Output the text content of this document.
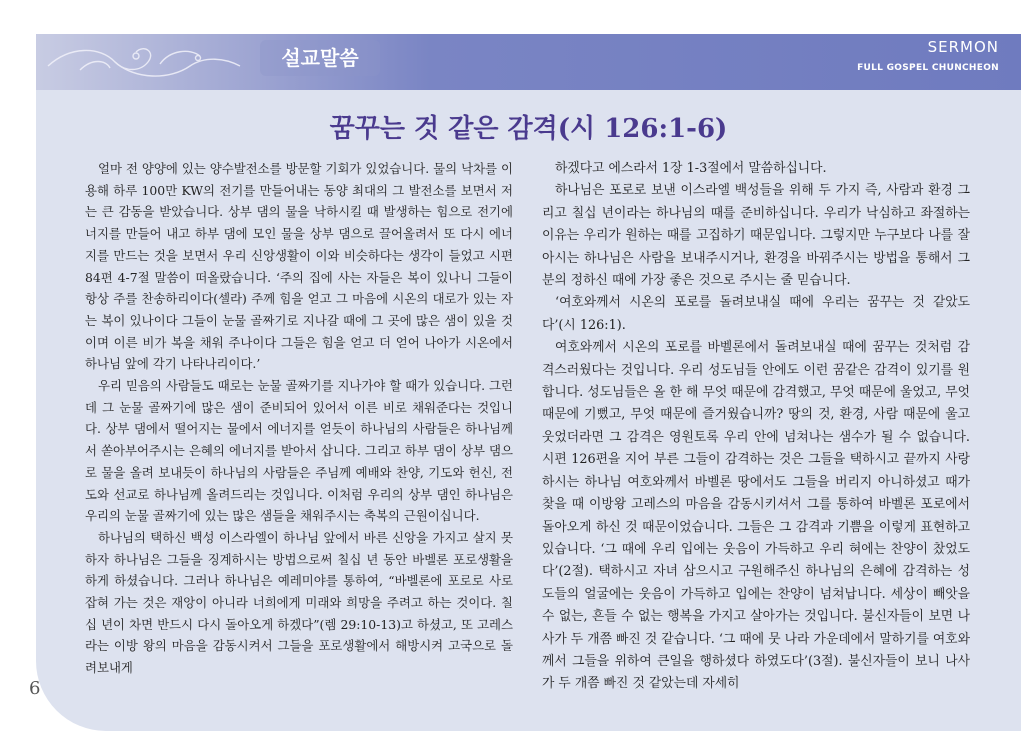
설교말씀	SERMON
FULL GOSPEL CHUNCHEON
꿈꾸는 것 같은 감격(시 126:1-6)

얼마 전 양양에 있는 양수발전소를 방문할 기회가 있었습니다. 물의 낙차를 이용해 하루 100만 KW의 전기를 만들어내는 동양 최대의 그 발전소를 보면서 저는 큰 감동을 받았습니다. 상부 댐의 물을 낙하시킬 때 발생하는 힘으로 전기에너지를 만들어 내고 하부 댐에 모인 물을 상부 댐으로 끌어올려서 또 다시 에너지를 만드는 것을 보면서 우리 신앙생활이 이와 비슷하다는 생각이 들었고 시편 84편 4-7절 말씀이 떠올랐습니다. ‘주의 집에 사는 자들은 복이 있나니 그들이 항상 주를 찬송하리이다(셀라) 주께 힘을 얻고 그 마음에 시온의 대로가 있는 자는 복이 있나이다 그들이 눈물 골짜기로 지나갈 때에 그 곳에 많은 샘이 있을 것이며 이른 비가 복을 채워 주나이다 그들은 힘을 얻고 더 얻어 나아가 시온에서 하나님 앞에 각기 나타나리이다.’

우리 믿음의 사람들도 때로는 눈물 골짜기를 지나가야 할 때가 있습니다. 그런데 그 눈물 골짜기에 많은 샘이 준비되어 있어서 이른 비로 채워준다는 것입니다. 상부 댐에서 떨어지는 물에서 에너지를 얻듯이 하나님의 사람들은 하나님께서 쏟아부어주시는 은혜의 에너지를 받아서 삽니다. 그리고 하부 댐이 상부 댐으로 물을 올려 보내듯이 하나님의 사람들은 주님께 예배와 찬양, 기도와 헌신, 전도와 선교로 하나님께 올려드리는 것입니다. 이처럼 우리의 상부 댐인 하나님은 우리의 눈물 골짜기에 있는 많은 샘들을 채워주시는 축복의 근원이십니다.

하나님의 택하신 백성 이스라엘이 하나님 앞에서 바른 신앙을 가지고 살지 못하자 하나님은 그들을 징계하시는 방법으로써 칠십 년 동안 바벨론 포로생활을 하게 하셨습니다. 그러나 하나님은 예레미야를 통하여, “바벨론에 포로로 사로잡혀 가는 것은 재앙이 아니라 너희에게 미래와 희망을 주려고 하는 것이다. 칠십 년이 차면 반드시 다시 돌아오게 하겠다”(렘 29:10-13)고 하셨고, 또 고레스라는 이방 왕의 마음을 감동시켜서 그들을 포로생활에서 해방시켜 고국으로 돌려보내게

하겠다고 에스라서 1장 1-3절에서 말씀하십니다.

하나님은 포로로 보낸 이스라엘 백성들을 위해 두 가지 즉, 사람과 환경 그리고 칠십 년이라는 하나님의 때를 준비하십니다. 우리가 낙심하고 좌절하는 이유는 우리가 원하는 때를 고집하기 때문입니다. 그렇지만 누구보다 나를 잘 아시는 하나님은 사람을 보내주시거나, 환경을 바꿔주시는 방법을 통해서 그분의 정하신 때에 가장 좋은 것으로 주시는 줄 믿습니다.

‘여호와께서 시온의 포로를 돌려보내실 때에 우리는 꿈꾸는 것 같았도다’(시 126:1).

여호와께서 시온의 포로를 바벨론에서 돌려보내실 때에 꿈꾸는 것처럼 감격스러웠다는 것입니다. 우리 성도님들 안에도 이런 꿈같은 감격이 있기를 원합니다. 성도님들은 올 한 해 무엇 때문에 감격했고, 무엇 때문에 울었고, 무엇 때문에 기뻤고, 무엇 때문에 즐거웠습니까? 땅의 것, 환경, 사람 때문에 울고 웃었더라면 그 감격은 영원토록 우리 안에 넘쳐나는 샘수가 될 수 없습니다. 시편 126편을 지어 부른 그들이 감격하는 것은 그들을 택하시고 끝까지 사랑하시는 하나님 여호와께서 바벨론 땅에서도 그들을 버리지 아니하셨고 때가 찾을 때 이방왕 고레스의 마음을 감동시키셔서 그를 통하여 바벨론 포로에서 돌아오게 하신 것 때문이었습니다. 그들은 그 감격과 기쁨을 이렇게 표현하고 있습니다. ‘그 때에 우리 입에는 웃음이 가득하고 우리 혀에는 찬양이 찼었도다’(2절). 택하시고 자녀 삼으시고 구원해주신 하나님의 은혜에 감격하는 성도들의 얼굴에는 웃음이 가득하고 입에는 찬양이 넘쳐납니다. 세상이 빼앗을 수 없는, 흔들 수 없는 행복을 가지고 살아가는 것입니다. 불신자들이 보면 나사가 두 개쯤 빠진 것 같습니다. ‘그 때에 뭇 나라 가운데에서 말하기를 여호와께서 그들을 위하여 큰일을 행하셨다 하였도다’(3절). 불신자들이 보니 나사가 두 개쯤 빠진 것 같았는데 자세히

6
